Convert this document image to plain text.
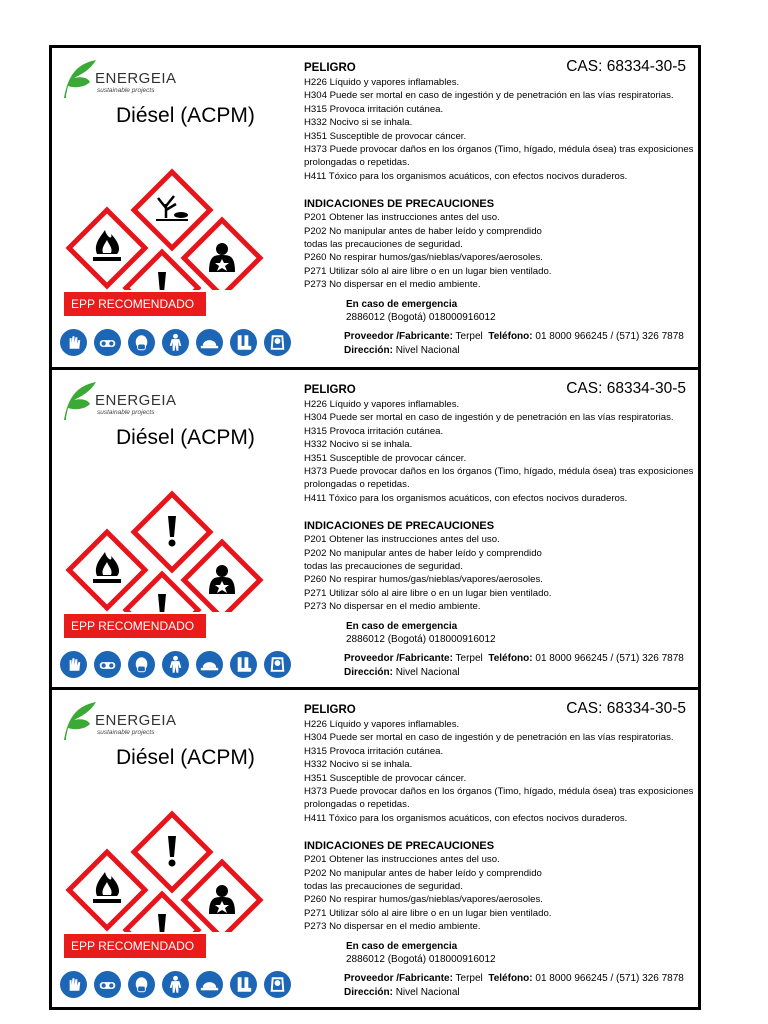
ENERGEIA
sustainable projects
Diésel (ACPM)
EPP RECOMENDADO
PELIGRO	CAS: 68334-30-5
H226 Líquido y vapores inflamables.
H304 Puede ser mortal en caso de ingestión y de penetración en las vías respiratorias.
H315 Provoca irritación cutánea.
H332 Nocivo si se inhala.
H351 Susceptible de provocar cáncer.
H373 Puede provocar daños en los órganos (Timo, hígado, médula ósea) tras exposiciones
prolongadas o repetidas.
H411 Tóxico para los organismos acuáticos, con efectos nocivos duraderos.
INDICACIONES DE PRECAUCIONES
P201 Obtener las instrucciones antes del uso.
P202 No manipular antes de haber leído y comprendido
todas las precauciones de seguridad.
P260 No respirar humos/gas/nieblas/vapores/aerosoles.
P271 Utilizar sólo al aire libre o en un lugar bien ventilado.
P273 No dispersar en el medio ambiente.
En caso de emergencia
2886012 (Bogotá) 018000916012
Proveedor /Fabricante: Terpel Teléfono: 01 8000 966245 / (571) 326 7878
Dirección: Nivel Nacional
ENERGEIA
sustainable projects
Diésel (ACPM)
EPP RECOMENDADO
PELIGRO	CAS: 68334-30-5
H226 Líquido y vapores inflamables.
H304 Puede ser mortal en caso de ingestión y de penetración en las vías respiratorias.
H315 Provoca irritación cutánea.
H332 Nocivo si se inhala.
H351 Susceptible de provocar cáncer.
H373 Puede provocar daños en los órganos (Timo, hígado, médula ósea) tras exposiciones
prolongadas o repetidas.
H411 Tóxico para los organismos acuáticos, con efectos nocivos duraderos.
INDICACIONES DE PRECAUCIONES
P201 Obtener las instrucciones antes del uso.
P202 No manipular antes de haber leído y comprendido
todas las precauciones de seguridad.
P260 No respirar humos/gas/nieblas/vapores/aerosoles.
P271 Utilizar sólo al aire libre o en un lugar bien ventilado.
P273 No dispersar en el medio ambiente.
En caso de emergencia
2886012 (Bogotá) 018000916012
Proveedor /Fabricante: Terpel Teléfono: 01 8000 966245 / (571) 326 7878
Dirección: Nivel Nacional
ENERGEIA
sustainable projects
Diésel (ACPM)
EPP RECOMENDADO
PELIGRO	CAS: 68334-30-5
H226 Líquido y vapores inflamables.
H304 Puede ser mortal en caso de ingestión y de penetración en las vías respiratorias.
H315 Provoca irritación cutánea.
H332 Nocivo si se inhala.
H351 Susceptible de provocar cáncer.
H373 Puede provocar daños en los órganos (Timo, hígado, médula ósea) tras exposiciones
prolongadas o repetidas.
H411 Tóxico para los organismos acuáticos, con efectos nocivos duraderos.
INDICACIONES DE PRECAUCIONES
P201 Obtener las instrucciones antes del uso.
P202 No manipular antes de haber leído y comprendido
todas las precauciones de seguridad.
P260 No respirar humos/gas/nieblas/vapores/aerosoles.
P271 Utilizar sólo al aire libre o en un lugar bien ventilado.
P273 No dispersar en el medio ambiente.
En caso de emergencia
2886012 (Bogotá) 018000916012
Proveedor /Fabricante: Terpel Teléfono: 01 8000 966245 / (571) 326 7878
Dirección: Nivel Nacional
